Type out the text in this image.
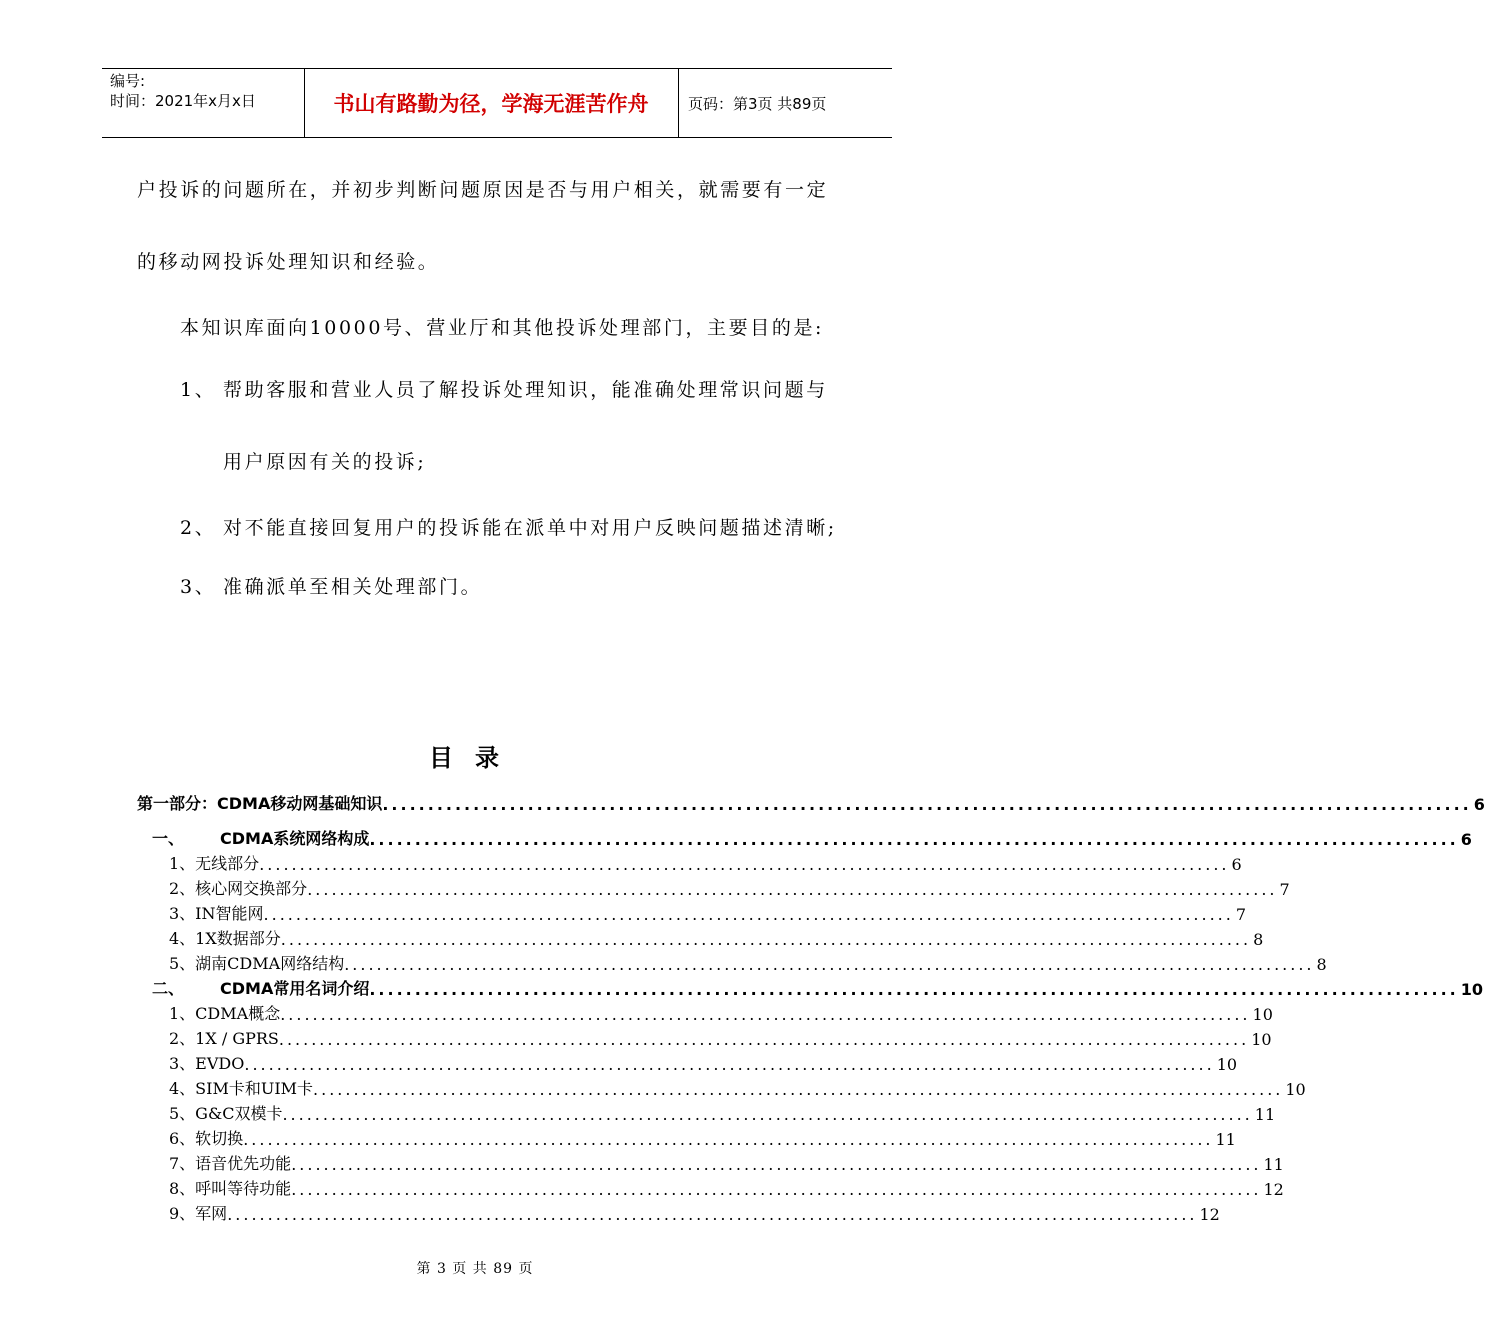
编号:
时间：2021年x月x日	书山有路勤为径，学海无涯苦作舟	页码：第3页 共89页
户投诉的问题所在，并初步判断问题原因是否与用户相关，就需要有一定
的移动网投诉处理知识和经验。
本知识库面向10000号、营业厅和其他投诉处理部门，主要目的是:
1、 帮助客服和营业人员了解投诉处理知识，能准确处理常识问题与
用户原因有关的投诉;
2、 对不能直接回复用户的投诉能在派单中对用户反映问题描述清晰;
3、 准确派单至相关处理部门。
目录
第一部分：CDMA移动网基础知识 ........................................................................................................................ 6
一、 CDMA系统网络构成 ........................................................................................................................ 6
1、无线部分 ........................................................................................................................ 6
2、核心网交换部分 ........................................................................................................................ 7
3、IN智能网 ........................................................................................................................ 7
4、1X数据部分 ........................................................................................................................ 8
5、湖南CDMA网络结构 ........................................................................................................................ 8
二、 CDMA常用名词介绍 ........................................................................................................................ 10
1、CDMA概念 ........................................................................................................................ 10
2、1X / GPRS ........................................................................................................................ 10
3、EVDO ........................................................................................................................ 10
4、SIM卡和UIM卡 ........................................................................................................................ 10
5、G&C双模卡 ........................................................................................................................ 11
6、软切换 ........................................................................................................................ 11
7、语音优先功能 ........................................................................................................................ 11
8、呼叫等待功能 ........................................................................................................................ 12
9、军网 ........................................................................................................................ 12
第 3 页 共 89 页
